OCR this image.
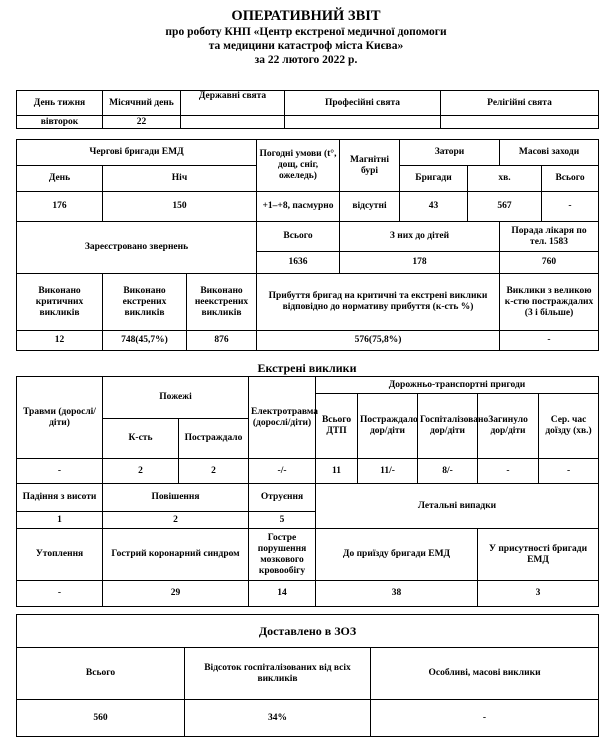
ОПЕРАТИВНИЙ ЗВІТ
про роботу КНП «Центр екстреної медичної допомоги
та медицини катастроф міста Києва»
за 22 лютого 2022 р.
День тижня	Місячний день	Державні свята	Професійні свята	Релігійні свята
вівторок	22			
Чергові бригади ЕМД			Погодні умови (t°, дощ, сніг, ожеледь)	Магнітні бурі	Затори		Масові заходи		
День	Ніч				Бригади	хв.		Всього	
176	150		+1–+8, пасмурно	відсутні	43	567		-	
Зареєстровано звернень			Всього	З них до дітей			Порада лікаря по тел. 1583		
			1636	178			760		
Виконано критичних викликів	Виконано екстрених викликів	Виконано неекстрених викликів	Прибуття бригад на критичні та екстрені виклики відповідно до нормативу прибуття (к-сть %)				Виклики з великою к-стю постраждалих (3 і більше)		
12	748(45,7%)	876	576(75,8%)				-		
Екстрені виклики
Травми (дорослі/діти)	Пожежі		Електротравма (дорослі/діти)	Дорожньо-транспортні пригоди				
				Всього ДТП	Постраждало дор/діти	Госпіталізовано дор/діти	Загинуло дор/діти	Сер. час доїзду (хв.)
	К-сть	Постраждало						
-	2	2	-/-	11	11/-	8/-	-	-
Падіння з висоти	Повішення		Отруєння	Летальні випадки				
1	2		5					
Утоплення	Гострий коронарний синдром		Гостре порушення мозкового кровообігу	До приїзду бригади ЕМД			У присутності бригади ЕМД	
-	29		14	38			3	
Доставлено в ЗОЗ		
Всього	Відсоток госпіталізованих від всіх викликів	Особливі, масові виклики
560	34%	-
